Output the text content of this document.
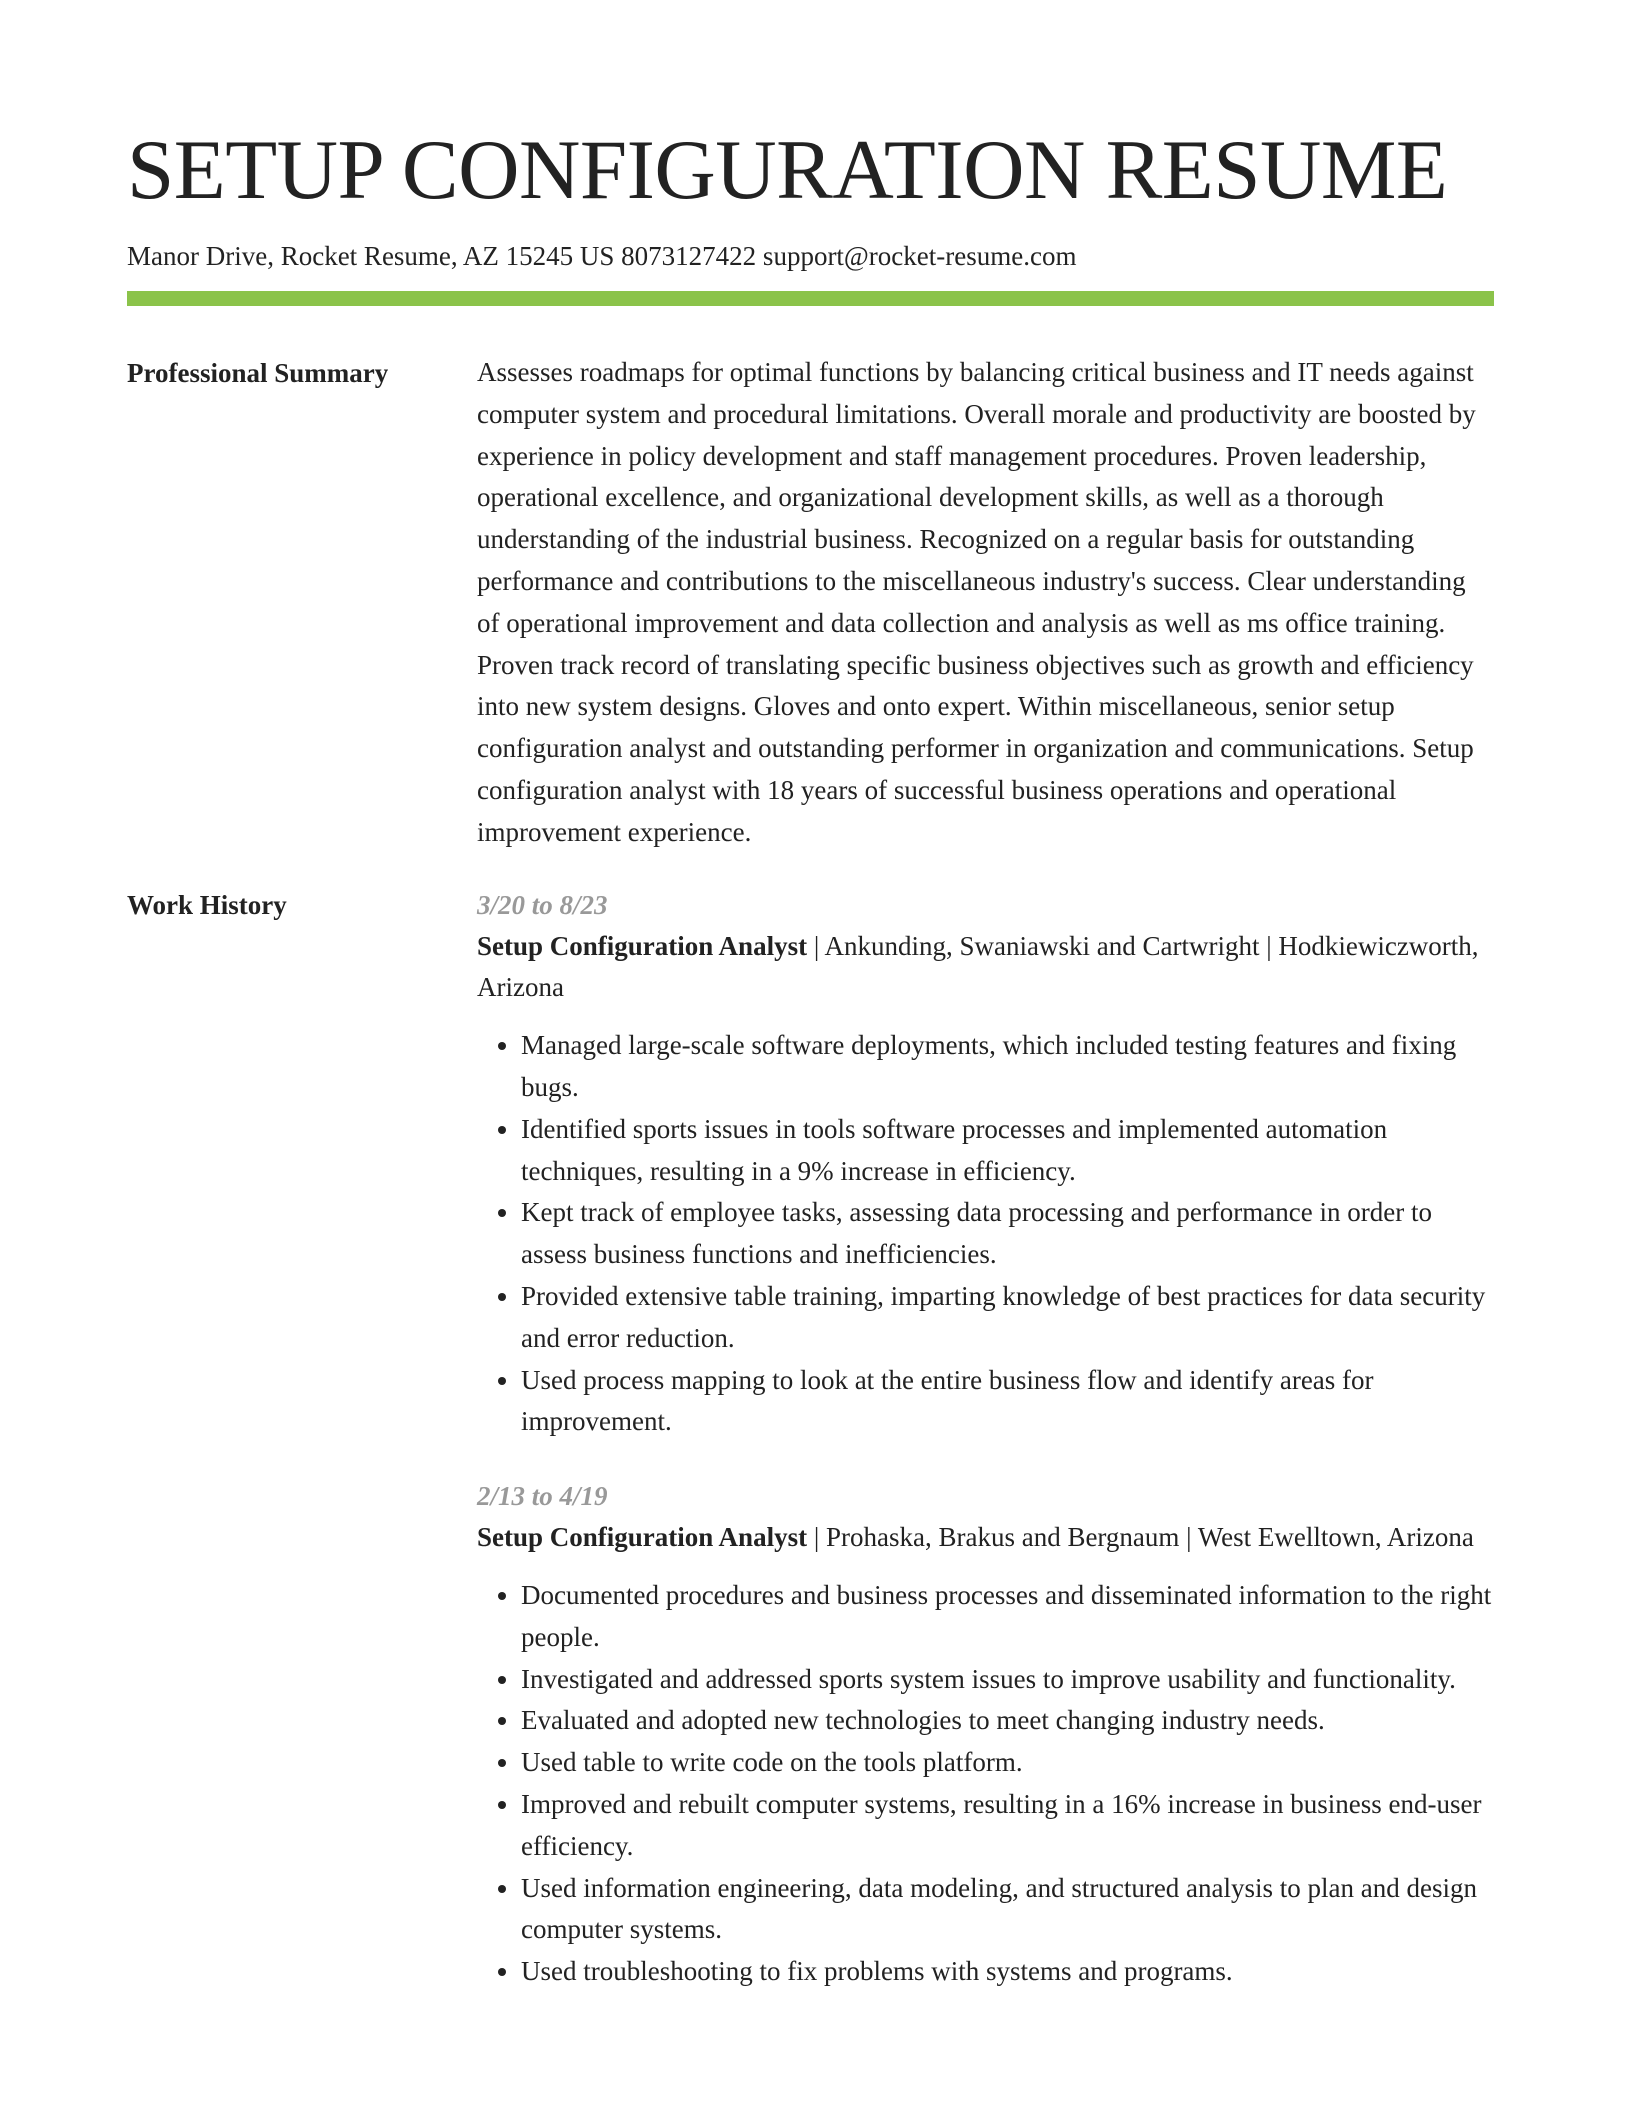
SETUP CONFIGURATION RESUME
Manor Drive, Rocket Resume, AZ 15245 US 8073127422 support@rocket-resume.com
Professional Summary	Assesses roadmaps for optimal functions by balancing critical business and IT needs against computer system and procedural limitations. Overall morale and productivity are boosted by experience in policy development and staff management procedures. Proven leadership, operational excellence, and organizational development skills, as well as a thorough understanding of the industrial business. Recognized on a regular basis for outstanding performance and contributions to the miscellaneous industry's success. Clear understanding of operational improvement and data collection and analysis as well as ms office training. Proven track record of translating specific business objectives such as growth and efficiency into new system designs. Gloves and onto expert. Within miscellaneous, senior setup configuration analyst and outstanding performer in organization and communications. Setup configuration analyst with 18 years of successful business operations and operational improvement experience.

Work History	3/20 to 8/23

Setup Configuration Analyst | Ankunding, Swaniawski and Cartwright | Hodkiewiczworth, Arizona

• Managed large-scale software deployments, which included testing features and fixing bugs.
• Identified sports issues in tools software processes and implemented automation techniques, resulting in a 9% increase in efficiency.
• Kept track of employee tasks, assessing data processing and performance in order to assess business functions and inefficiencies.
• Provided extensive table training, imparting knowledge of best practices for data security and error reduction.
• Used process mapping to look at the entire business flow and identify areas for improvement.
2/13 to 4/19

Setup Configuration Analyst | Prohaska, Brakus and Bergnaum | West Ewelltown, Arizona

• Documented procedures and business processes and disseminated information to the right people.
• Investigated and addressed sports system issues to improve usability and functionality.
• Evaluated and adopted new technologies to meet changing industry needs.
• Used table to write code on the tools platform.
• Improved and rebuilt computer systems, resulting in a 16% increase in business end-user efficiency.
• Used information engineering, data modeling, and structured analysis to plan and design computer systems.
• Used troubleshooting to fix problems with systems and programs.
